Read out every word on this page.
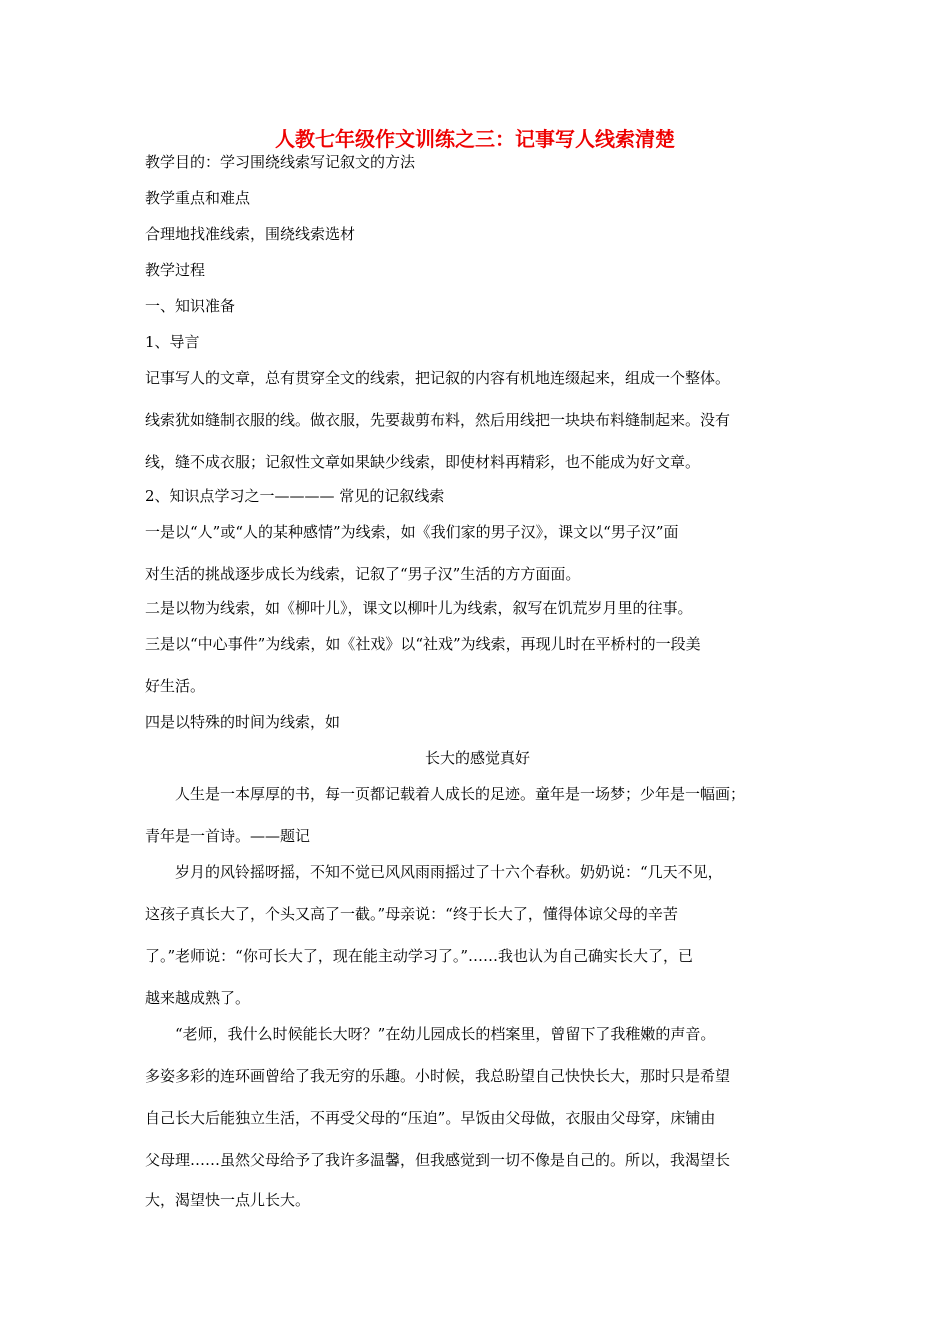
人教七年级作文训练之三：记事写人线索清楚
教学目的：学习围绕线索写记叙文的方法
教学重点和难点
合理地找准线索，围绕线索选材
教学过程
一、知识准备
1、导言
记事写人的文章，总有贯穿全文的线索，把记叙的内容有机地连缀起来，组成一个整体。
线索犹如缝制衣服的线。做衣服，先要裁剪布料，然后用线把一块块布料缝制起来。没有
线，缝不成衣服；记叙性文章如果缺少线索，即使材料再精彩，也不能成为好文章。
2、知识点学习之一———— 常见的记叙线索
一是以“人”或“人的某种感情”为线索，如《我们家的男子汉》，课文以“男子汉”面
对生活的挑战逐步成长为线索，记叙了“男子汉”生活的方方面面。
二是以物为线索，如《柳叶儿》，课文以柳叶儿为线索，叙写在饥荒岁月里的往事。
三是以“中心事件”为线索，如《社戏》以“社戏”为线索，再现儿时在平桥村的一段美
好生活。
四是以特殊的时间为线索，如
长大的感觉真好
人生是一本厚厚的书，每一页都记载着人成长的足迹。童年是一场梦；少年是一幅画；
青年是一首诗。——题记
岁月的风铃摇呀摇，不知不觉已风风雨雨摇过了十六个春秋。奶奶说：“几天不见，
这孩子真长大了，个头又高了一截。”母亲说：“终于长大了，懂得体谅父母的辛苦
了。”老师说：“你可长大了，现在能主动学习了。”……我也认为自己确实长大了，已
越来越成熟了。
“老师，我什么时候能长大呀？”在幼儿园成长的档案里，曾留下了我稚嫩的声音。
多姿多彩的连环画曾给了我无穷的乐趣。小时候，我总盼望自己快快长大，那时只是希望
自己长大后能独立生活，不再受父母的“压迫”。早饭由父母做，衣服由父母穿，床铺由
父母理……虽然父母给予了我许多温馨，但我感觉到一切不像是自己的。所以，我渴望长
大，渴望快一点儿长大。
